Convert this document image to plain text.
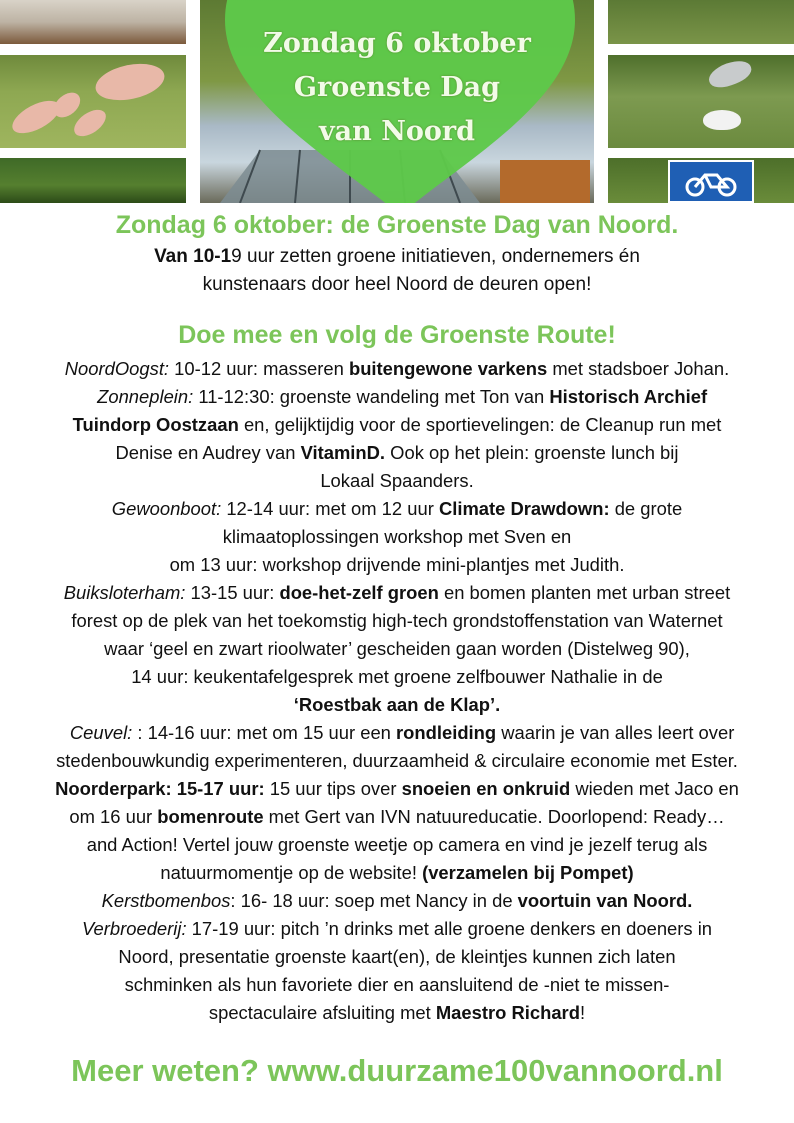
Zondag 6 oktober
Groenste Dag
van Noord
Zondag 6 oktober: de Groenste Dag van Noord.

Van 10-19 uur zetten groene initiatieven, ondernemers én
kunstenaars door heel Noord de deuren open!

Doe mee en volg de Groenste Route!
NoordOogst: 10-12 uur: masseren buitengewone varkens met stadsboer Johan.
Zonneplein: 11-12:30: groenste wandeling met Ton van Historisch Archief
Tuindorp Oostzaan en, gelijktijdig voor de sportievelingen: de Cleanup run met
Denise en Audrey van VitaminD. Ook op het plein: groenste lunch bij
Lokaal Spaanders.
Gewoonboot: 12-14 uur: met om 12 uur Climate Drawdown: de grote
klimaatoplossingen workshop met Sven en
om 13 uur: workshop drijvende mini-plantjes met Judith.
Buiksloterham: 13-15 uur: doe-het-zelf groen en bomen planten met urban street
forest op de plek van het toekomstig high-tech grondstoffenstation van Waternet
waar ‘geel en zwart rioolwater’ gescheiden gaan worden (Distelweg 90),
14 uur: keukentafelgesprek met groene zelfbouwer Nathalie in de
‘Roestbak aan de Klap’.
Ceuvel: : 14-16 uur: met om 15 uur een rondleiding waarin je van alles leert over
stedenbouwkundig experimenteren, duurzaamheid & circulaire economie met Ester.
Noorderpark: 15-17 uur: 15 uur tips over snoeien en onkruid wieden met Jaco en
om 16 uur bomenroute met Gert van IVN natuureducatie. Doorlopend: Ready…
and Action! Vertel jouw groenste weetje op camera en vind je jezelf terug als
natuurmomentje op de website! (verzamelen bij Pompet)
Kerstbomenbos: 16- 18 uur: soep met Nancy in de voortuin van Noord.
Verbroederij: 17-19 uur: pitch ’n drinks met alle groene denkers en doeners in
Noord, presentatie groenste kaart(en), de kleintjes kunnen zich laten
schminken als hun favoriete dier en aansluitend de -niet te missen-
spectaculaire afsluiting met Maestro Richard!
Meer weten? www.duurzame100vannoord.nl
